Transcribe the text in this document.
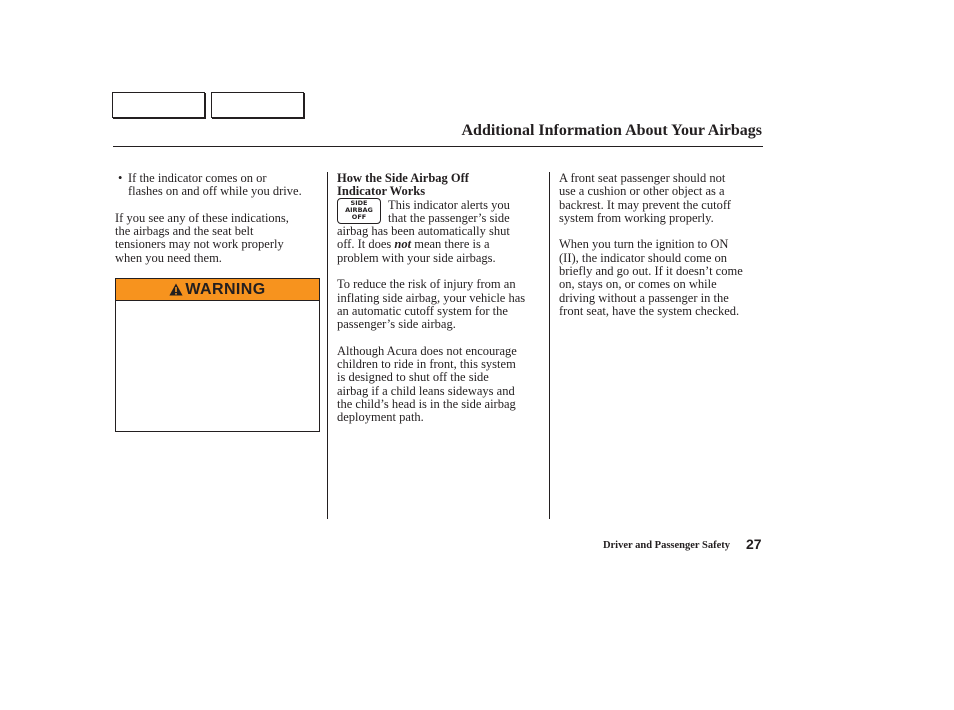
Additional Information About Your Airbags
• If the indicator comes on or
flashes on and off while you drive.

If you see any of these indications,
the airbags and the seat belt
tensioners may not work properly
when you need them.

WARNING

How the Side Airbag Off
Indicator Works

SIDE
AIRBAG
OFF
This indicator alerts you
that the passenger’s side
airbag has been automatically shut
off. It does not mean there is a
problem with your side airbags.

To reduce the risk of injury from an
inflating side airbag, your vehicle has
an automatic cutoff system for the
passenger’s side airbag.

Although Acura does not encourage
children to ride in front, this system
is designed to shut off the side
airbag if a child leans sideways and
the child’s head is in the side airbag
deployment path.

A front seat passenger should not
use a cushion or other object as a
backrest. It may prevent the cutoff
system from working properly.

When you turn the ignition to ON
(II), the indicator should come on
briefly and go out. If it doesn’t come
on, stays on, or comes on while
driving without a passenger in the
front seat, have the system checked.

Driver and Passenger Safety 27
